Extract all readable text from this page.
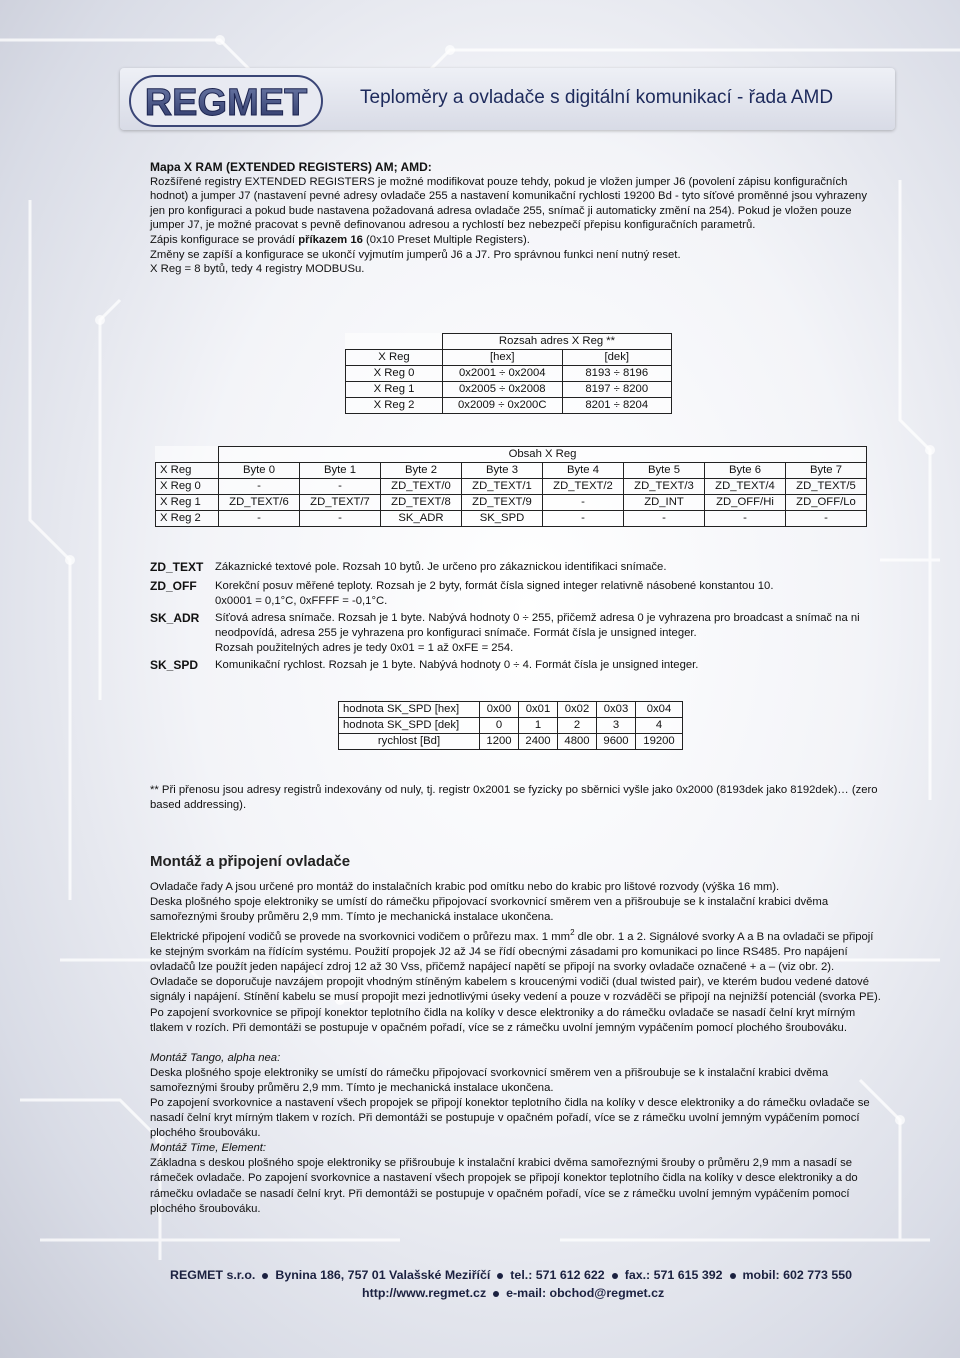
REGMET	Teploměry a ovladače s digitální komunikací - řada AMD

Mapa X RAM (EXTENDED REGISTERS) AM; AMD:

Rozšířené registry EXTENDED REGISTERS je možné modifikovat pouze tehdy, pokud je vložen jumper J6 (povolení zápisu konfiguračních hodnot) a jumper J7 (nastavení pevné adresy ovladače 255 a nastavení komunikační rychlosti 19200 Bd - tyto síťové proměnné jsou vyhrazeny jen pro konfiguraci a pokud bude nastavena požadovaná adresa ovladače 255, snímač ji automaticky změní na 254). Pokud je vložen pouze jumper J7, je možné pracovat s pevně definovanou adresou a rychlostí bez nebezpečí přepisu konfiguračních parametrů.

Zápis konfigurace se provádí příkazem 16 (0x10 Preset Multiple Registers).

Změny se zapíší a konfigurace se ukončí vyjmutím jumperů J6 a J7. Pro správnou funkci není nutný reset.

X Reg = 8 bytů, tedy 4 registry MODBUSu.

	Rozsah adres X Reg **	
X Reg	[hex]	[dek]
X Reg 0	0x2001 ÷ 0x2004	8193 ÷ 8196
X Reg 1	0x2005 ÷ 0x2008	8197 ÷ 8200
X Reg 2	0x2009 ÷ 0x200C	8201 ÷ 8204
	Obsah X Reg							
X Reg	Byte 0	Byte 1	Byte 2	Byte 3	Byte 4	Byte 5	Byte 6	Byte 7
X Reg 0	-	-	ZD_TEXT/0	ZD_TEXT/1	ZD_TEXT/2	ZD_TEXT/3	ZD_TEXT/4	ZD_TEXT/5
X Reg 1	ZD_TEXT/6	ZD_TEXT/7	ZD_TEXT/8	ZD_TEXT/9	-	ZD_INT	ZD_OFF/Hi	ZD_OFF/Lo
X Reg 2	-	-	SK_ADR	SK_SPD	-	-	-	-
ZD_TEXT	Zákaznické textové pole. Rozsah 10 bytů. Je určeno pro zákaznickou identifikaci snímače.
ZD_OFF	Korekční posuv měřené teploty. Rozsah je 2 byty, formát čísla signed integer relativně násobené konstantou 10.
0x0001 = 0,1°C, 0xFFFF = -0,1°C.
SK_ADR	Síťová adresa snímače. Rozsah je 1 byte. Nabývá hodnoty 0 ÷ 255, přičemž adresa 0 je vyhrazena pro broadcast a snímač na ni neodpovídá, adresa 255 je vyhrazena pro konfiguraci snímače. Formát čísla je unsigned integer.
Rozsah použitelných adres je tedy 0x01 = 1 až 0xFE = 254.
SK_SPD	Komunikační rychlost. Rozsah je 1 byte. Nabývá hodnoty 0 ÷ 4. Formát čísla je unsigned integer.
hodnota SK_SPD [hex]	0x00	0x01	0x02	0x03	0x04
hodnota SK_SPD [dek]	0	1	2	3	4
rychlost [Bd]	1200	2400	4800	9600	19200
** Při přenosu jsou adresy registrů indexovány od nuly, tj. registr 0x2001 se fyzicky po sběrnici vyšle jako 0x2000 (8193dek jako 8192dek)… (zero based addressing).
Montáž a připojení ovladače

Ovladače řady A jsou určené pro montáž do instalačních krabic pod omítku nebo do krabic pro lištové rozvody (výška 16 mm).

Deska plošného spoje elektroniky se umístí do rámečku připojovací svorkovnicí směrem ven a přišroubuje se k instalační krabici dvěma samořeznými šrouby průměru 2,9 mm. Tímto je mechanická instalace ukončena.

Elektrické připojení vodičů se provede na svorkovnici vodičem o průřezu max. 1 $mm^2$ dle obr. 1 a 2. Signálové svorky A a B na ovladači se připojí ke stejným svorkám na řídícím systému. Použití propojek J2 až J4 se řídí obecnými zásadami pro komunikaci po lince RS485. Pro napájení ovladačů lze použít jeden napájecí zdroj 12 až 30 Vss, přičemž napájecí napětí se připojí na svorky ovladače označené + a – (viz obr. 2). Ovladače se doporučuje navzájem propojit vhodným stíněným kabelem s kroucenými vodiči (dual twisted pair), ve kterém budou vedené datové signály i napájení. Stínění kabelu se musí propojit mezi jednotlivými úseky vedení a pouze v rozváděči se připojí na nejnižší potenciál (svorka PE).

Po zapojení svorkovnice se připojí konektor teplotního čidla na kolíky v desce elektroniky a do rámečku ovladače se nasadí čelní kryt mírným tlakem v rozích. Při demontáži se postupuje v opačném pořadí, více se z rámečku uvolní jemným vypáčením pomocí plochého šroubováku.

Montáž Tango, alpha nea:

Deska plošného spoje elektroniky se umístí do rámečku připojovací svorkovnicí směrem ven a přišroubuje se k instalační krabici dvěma samořeznými šrouby průměru 2,9 mm. Tímto je mechanická instalace ukončena.

Po zapojení svorkovnice a nastavení všech propojek se připojí konektor teplotního čidla na kolíky v desce elektroniky a do rámečku ovladače se nasadí čelní kryt mírným tlakem v rozích. Při demontáži se postupuje v opačném pořadí, více se z rámečku uvolní jemným vypáčením pomocí plochého šroubováku.

Montáž Time, Element:

Základna s deskou plošného spoje elektroniky se přišroubuje k instalační krabici dvěma samořeznými šrouby o průměru 2,9 mm a nasadí se rámeček ovladače. Po zapojení svorkovnice a nastavení všech propojek se připojí konektor teplotního čidla na kolíky v desce elektroniky a do rámečku ovladače se nasadí čelní kryt. Při demontáži se postupuje v opačném pořadí, více se z rámečku uvolní jemným vypáčením pomocí plochého šroubováku.

REGMET s.r.o. Bynina 186, 757 01 Valašské Meziříčí tel.: 571 612 622 fax.: 571 615 392 mobil: 602 773 550
http://www.regmet.cz e-mail: obchod@regmet.cz
